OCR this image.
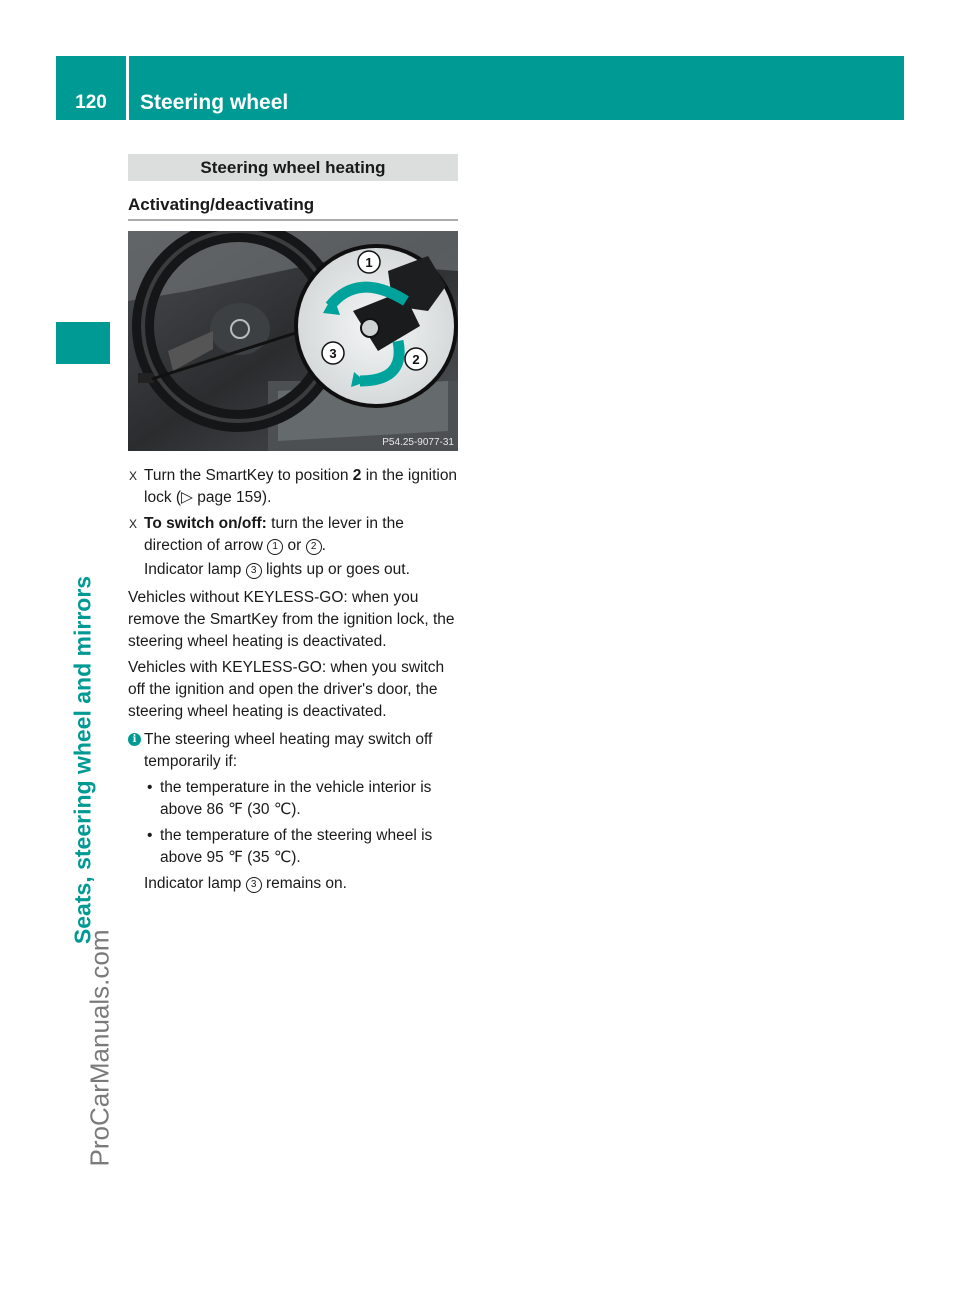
120	Steering wheel
Seats, steering wheel and mirrors
ProCarManuals.com
Steering wheel heating
Activating/deactivating
1
3	2
P54.25-9077-31

X Turn the SmartKey to position 2 in the ignition lock (▷ page 159).

X To switch on/off: turn the lever in the direction of arrow 1 or 2 .

Indicator lamp 3 lights up or goes out.

Vehicles without KEYLESS-GO: when you remove the SmartKey from the ignition lock, the steering wheel heating is deactivated.

Vehicles with KEYLESS-GO: when you switch off the ignition and open the driver's door, the steering wheel heating is deactivated.

i The steering wheel heating may switch off temporarily if:

• the temperature in the vehicle interior is above 86 ℉ (30 ℃).

• the temperature of the steering wheel is above 95 ℉ (35 ℃).

Indicator lamp 3 remains on.
